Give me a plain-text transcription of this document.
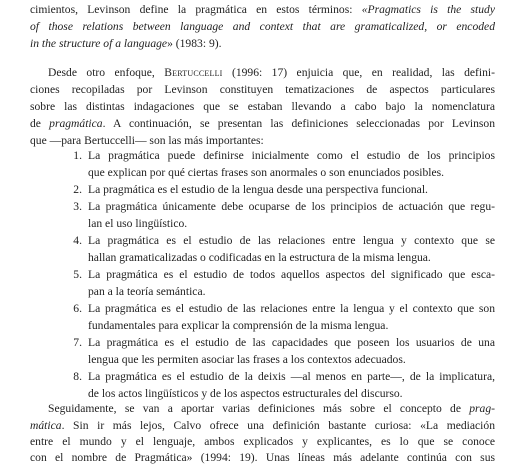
cimientos, Levinson define la pragmática en estos términos: «Pragmatics is the study
of those relations between language and context that are gramaticalized, or encoded
in the structure of a language» (1983: 9).
Desde otro enfoque, Bertuccelli (1996: 17) enjuicia que, en realidad, las defini-
ciones recopiladas por Levinson constituyen tematizaciones de aspectos particulares
sobre las distintas indagaciones que se estaban llevando a cabo bajo la nomenclatura
de pragmática. A continuación, se presentan las definiciones seleccionadas por Levinson
que —para Bertuccelli— son las más importantes:
1. La pragmática puede definirse inicialmente como el estudio de los principios
que explican por qué ciertas frases son anormales o son enunciados posibles.
2. La pragmática es el estudio de la lengua desde una perspectiva funcional.
3. La pragmática únicamente debe ocuparse de los principios de actuación que regu-
lan el uso lingüístico.
4. La pragmática es el estudio de las relaciones entre lengua y contexto que se
hallan gramaticalizadas o codificadas en la estructura de la misma lengua.
5. La pragmática es el estudio de todos aquellos aspectos del significado que esca-
pan a la teoría semántica.
6. La pragmática es el estudio de las relaciones entre la lengua y el contexto que son
fundamentales para explicar la comprensión de la misma lengua.
7. La pragmática es el estudio de las capacidades que poseen los usuarios de una
lengua que les permiten asociar las frases a los contextos adecuados.
8. La pragmática es el estudio de la deixis —al menos en parte—, de la implicatura,
de los actos lingüísticos y de los aspectos estructurales del discurso.
Seguidamente, se van a aportar varias definiciones más sobre el concepto de prag-
mática. Sin ir más lejos, Calvo ofrece una definición bastante curiosa: «La mediación
entre el mundo y el lenguaje, ambos explicados y explicantes, es lo que se conoce
con el nombre de Pragmática» (1994: 19). Unas líneas más adelante continúa con sus
